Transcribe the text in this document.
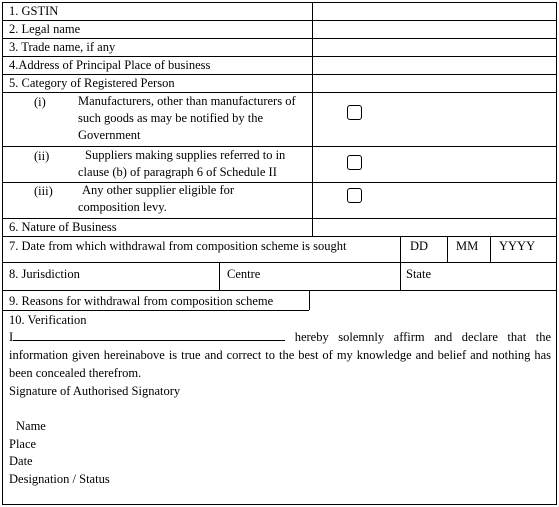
1. GSTIN
2. Legal name
3. Trade name, if any
4.Address of Principal Place of business
5. Category of Registered Person
(i)	Manufacturers, other than manufacturers of such goods as may be notified by the Government
(ii)	Suppliers making supplies referred to in clause (b) of paragraph 6 of Schedule II
(iii)	Any other supplier eligible for composition levy.
6. Nature of Business
7. Date from which withdrawal from composition scheme is sought	DD MM YYYY
8. Jurisdiction	Centre	State
9. Reasons for withdrawal from composition scheme
10. Verification
I	hereby solemnly affirm and declare that the information given hereinabove is true and correct to the best of my knowledge and belief and nothing has been concealed therefrom.
Signature of Authorised Signatory
Name
Place
Date
Designation / Status
